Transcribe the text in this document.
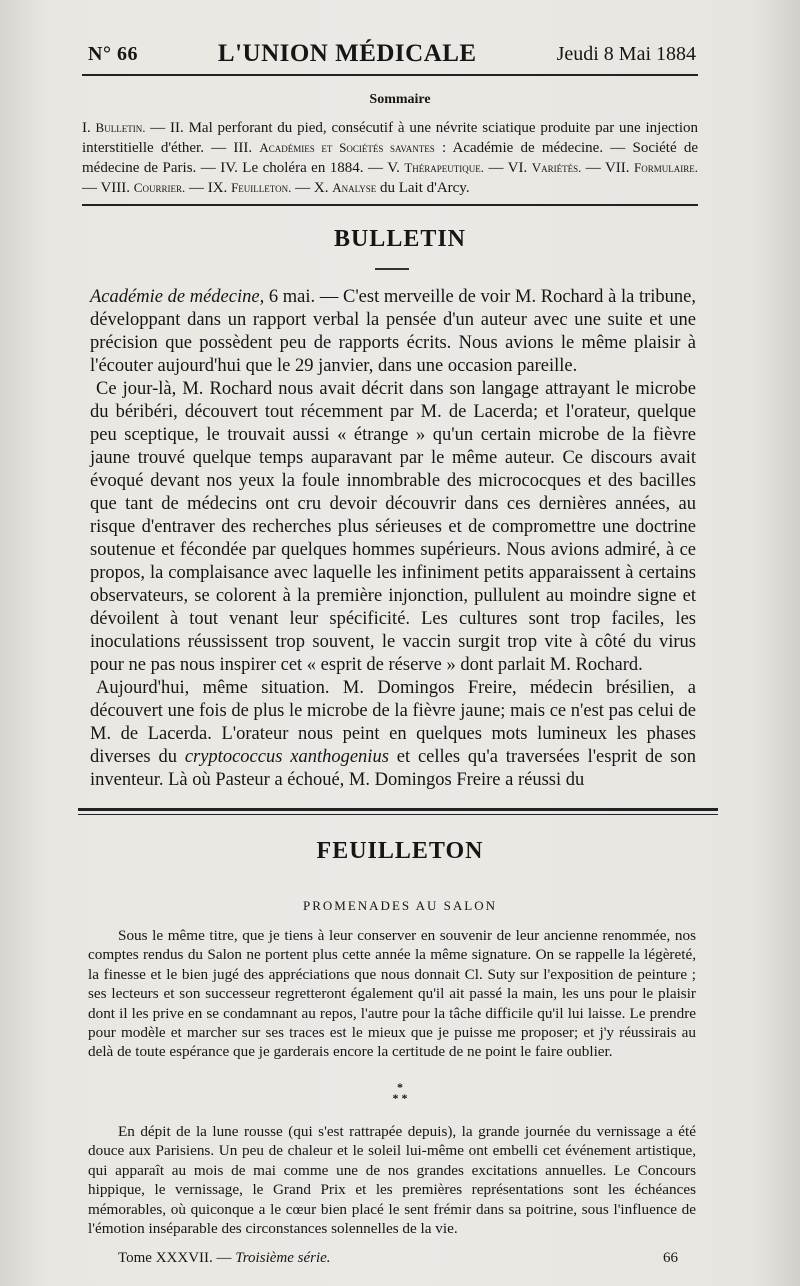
N° 66	L'UNION MÉDICALE	Jeudi 8 Mai 1884
Sommaire
I. Bulletin. — II. Mal perforant du pied, consécutif à une névrite sciatique produite par une injection interstitielle d'éther. — III. Académies et Sociétés savantes : Académie de médecine. — Société de médecine de Paris. — IV. Le choléra en 1884. — V. Thérapeutique. — VI. Variétés. — VII. Formulaire. — VIII. Courrier. — IX. Feuilleton. — X. Analyse du Lait d'Arcy.
BULLETIN

Académie de médecine, 6 mai. — C'est merveille de voir M. Rochard à la tribune, développant dans un rapport verbal la pensée d'un auteur avec une suite et une précision que possèdent peu de rapports écrits. Nous avions le même plaisir à l'écouter aujourd'hui que le 29 janvier, dans une occasion pareille.

Ce jour-là, M. Rochard nous avait décrit dans son langage attrayant le microbe du béribéri, découvert tout récemment par M. de Lacerda; et l'orateur, quelque peu sceptique, le trouvait aussi « étrange » qu'un certain microbe de la fièvre jaune trouvé quelque temps auparavant par le même auteur. Ce discours avait évoqué devant nos yeux la foule innombrable des micrococques et des bacilles que tant de médecins ont cru devoir découvrir dans ces dernières années, au risque d'entraver des recherches plus sérieuses et de compromettre une doctrine soutenue et fécondée par quelques hommes supérieurs. Nous avions admiré, à ce propos, la complaisance avec laquelle les infiniment petits apparaissent à certains observateurs, se colorent à la première injonction, pullulent au moindre signe et dévoilent à tout venant leur spécificité. Les cultures sont trop faciles, les inoculations réussissent trop souvent, le vaccin surgit trop vite à côté du virus pour ne pas nous inspirer cet « esprit de réserve » dont parlait M. Rochard.

Aujourd'hui, même situation. M. Domingos Freire, médecin brésilien, a découvert une fois de plus le microbe de la fièvre jaune; mais ce n'est pas celui de M. de Lacerda. L'orateur nous peint en quelques mots lumineux les phases diverses du cryptococcus xanthogenius et celles qu'a traversées l'esprit de son inventeur. Là où Pasteur a échoué, M. Domingos Freire a réussi du

FEUILLETON
PROMENADES AU SALON

Sous le même titre, que je tiens à leur conserver en souvenir de leur ancienne renommée, nos comptes rendus du Salon ne portent plus cette année la même signature. On se rappelle la légèreté, la finesse et le bien jugé des appréciations que nous donnait Cl. Suty sur l'exposition de peinture ; ses lecteurs et son successeur regretteront également qu'il ait passé la main, les uns pour le plaisir dont il les prive en se condamnant au repos, l'autre pour la tâche difficile qu'il lui laisse. Le prendre pour modèle et marcher sur ses traces est le mieux que je puisse me proposer; et j'y réussirais au delà de toute espérance que je garderais encore la certitude de ne point le faire oublier.

*
* *

En dépit de la lune rousse (qui s'est rattrapée depuis), la grande journée du vernissage a été douce aux Parisiens. Un peu de chaleur et le soleil lui-même ont embelli cet événement artistique, qui apparaît au mois de mai comme une de nos grandes excitations annuelles. Le Concours hippique, le vernissage, le Grand Prix et les premières représentations sont les échéances mémorables, où quiconque a le cœur bien placé le sent frémir dans sa poitrine, sous l'influence de l'émotion inséparable des circonstances solennelles de la vie.

Tome XXXVII. — Troisième série.	66
